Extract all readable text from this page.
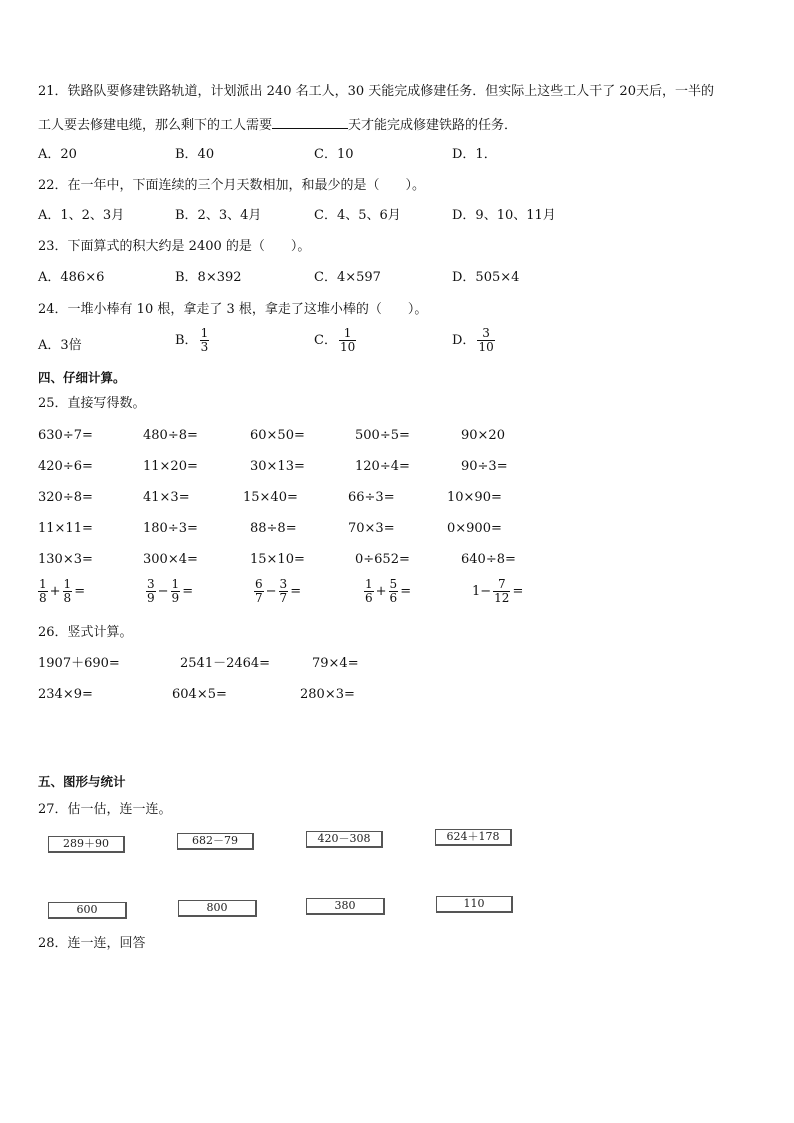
21．铁路队要修建铁路轨道，计划派出 240 名工人，30 天能完成修建任务．但实际上这些工人干了 20天后，一半的
工人要去修建电缆，那么剩下的工人需要	天才能完成修建铁路的任务．
A．20	B．40	C．10	D．1．
22．在一年中，下面连续的三个月天数相加，和最少的是（　　）。
A．1、2、3月	B．2、3、4月	C．4、5、6月	D．9、10、11月
23．下面算式的积大约是 2400 的是（　　）。
A．486×6	B．8×392	C．4×597	D．505×4
24．一堆小棒有 10 根，拿走了 3 根，拿走了这堆小棒的（　　）。
A．3倍	B． $\frac{1}{3}$	C． $\frac{1}{10}$	D． $\frac{3}{10}$
四、仔细计算。
25．直接写得数。
630÷7=	480÷8=	60×50=	500÷5=	90×20
420÷6=	11×20=	30×13=	120÷4=	90÷3=
320÷8=	41×3=	15×40=	66÷3=	10×90=
11×11=	180÷3=	88÷8=	70×3=	0×900=
130×3=	300×4=	15×10=	0÷652=	640÷8=
$\frac{1}{8} + \frac{1}{8}$ =	$\frac{3}{9} - \frac{1}{9}$ =	$\frac{6}{7} - \frac{3}{7}$ =	$\frac{1}{6} + \frac{5}{6}$ =	$1- \frac{7}{12}$ =
26．竖式计算。
1907＋690=	2541－2464=	79×4=
234×9=	604×5=	280×3=
五、图形与统计
27．估一估，连一连。
289＋90	682－79	420－308	624＋178
600	800	380	110
28．连一连，回答
